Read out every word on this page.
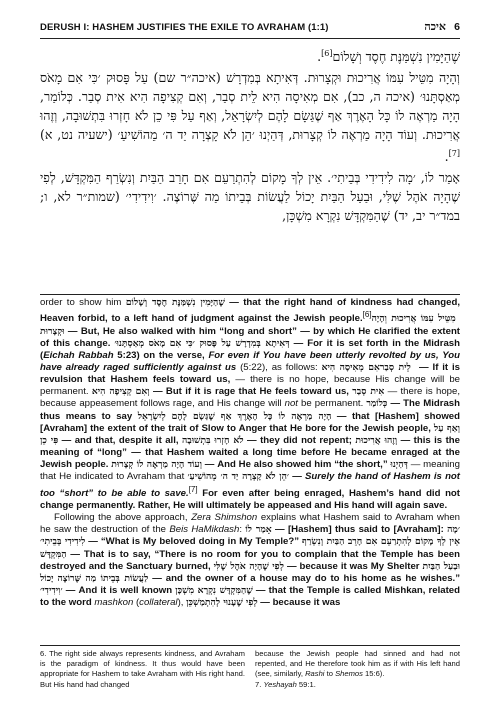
DERUSH I: HASHEM JUSTIFIES THE EXILE TO AVRAHAM (1:1)	איכה 6

שֶׁהַיָּמִין נִשְׁמַּנֶּת חֶסֶד וְשָׁלוֹם[6].

וְהָיָה מִטֵּיל עִמּוֹ אֲרִיכוּת וּקְצָרוּת. דְּאִיתָא בְּמִדְרָשׁ (איכה״ר שם) עַל פָּסוּק ׳כִּי אִם מָאֹס מְאַסְתָּנוּ׳ (איכה ה, כב), אִם מְאִיסָה הִיא לֵית סְבַר, וְאִם קְצִיפָה הִיא אִית סְבַר. כְּלוֹמַר, הָיָה מַרְאֶה לוֹ כָּל הָאֶרֶךְ אַף שֶׁגַּשָׂם לָהֶם לְיִשְׂרָאֵל, וְאַף עַל פִּי כֵן לֹא חָזְרוּ בִּתְשׁוּבָה, וְזֶהוּ אֲרִיכוּת. וְעוֹד הָיָה מַרְאֶה לוֹ קְצָרוּת, דְּהַיְנוּ ׳הֵן לֹא קָצְרָה יַד ה׳ מֵהוֹשִׁיעַ׳ (ישעיה נט, א)[7].

אָמַר לוֹ, ׳מָה לִידִידִי בְּבֵיתִי׳. אֵין לְךָ מָקוֹם לְהִתְרַעֵם אִם חָרֵב הַבַּיִת וְנִשְׂרַף הַמִּקְדָּשׁ, לְפִי שֶׁהָיָה אֹהֶל שֶׁלִּי, וּבַעַל הַבַּיִת יָכוֹל לַעֲשׂוֹת בְּבֵיתוֹ מַה שֶּׁרוֹצֶה. ׳וִידִידִי׳ (שמות״ר לא, ו; במד״ר יב, יד) שֶׁהַמִּקְדָּשׁ נִקְרָא מִשְׁכָּן,

order to show him שֶׁהַיָּמִין נִשְׁמַּנֶּת חֶסֶד וְשָׁלוֹם — that the right hand of kindness had changed, Heaven forbid, to a left hand of judgment against the Jewish people.[6] וְהָיָה מִטֵּיל עִמּוֹ אֲרִיכוּת וּקְצָרוּת — But, He also walked with him “long and short” — by which He clarified the extent of this change. דְּאִיתָא בְּמִדְרָשׁ עַל פָּסוּק ׳כִּי אִם מָאֹס מְאַסְתָּנוּ׳ — For it is set forth in the Midrash (Eichah Rabbah 5:23) on the verse, For even if You have been utterly revolted by us, You have already raged sufficiently against us (5:22), as follows: אִם מְאִיסָה הִיא לֵית סְבַר — If it is revulsion that Hashem feels toward us, — there is no hope, because His change will be permanent. וְאִם קְצִיפָה הִיא — But if it is rage that He feels toward us, אִית סְבַר — there is hope, because appeasement follows rage, and His change will not be permanent. כְּלוֹמַר — The Midrash thus means to say הָיָה מַרְאֶה לוֹ כָּל הָאֶרֶךְ אַף שֶׁגַּשָׂם לָהֶם לְיִשְׂרָאֵל — that [Hashem] showed [Avraham] the extent of the trait of Slow to Anger that He bore for the Jewish people, וְאַף עַל פִּי כֵן — and that, despite it all, לֹא חָזְרוּ בִּתְשׁוּבָה — they did not repent; וְזֶהוּ אֲרִיכוּת — this is the meaning of “long” — that Hashem waited a long time before He became enraged at the Jewish people. וְעוֹד הָיָה מַרְאֶה לוֹ קְצָרוּת — And He also showed him “the short,” דְּהַיְנוּ — meaning that He indicated to Avraham that ׳הֵן לֹא קָצְרָה יַד ה׳ מֵהוֹשִׁיעַ׳ — Surely the hand of Hashem is not too “short” to be able to save.[7] For even after being enraged, Hashem’s hand did not change permanently. Rather, He will ultimately be appeased and His hand will again save.

Following the above approach, Zera Shimshon explains what Hashem said to Avraham when he saw the destruction of the Beis HaMikdash: אָמַר לוֹ — [Hashem] thus said to [Avraham]: ׳מָה לִידִידִי בְּבֵיתִי׳ — “What is My beloved doing in My Temple?” אֵין לְךָ מָקוֹם לְהִתְרַעֵם אִם חָרֵב הַבַּיִת וְנִשְׂרַף הַמִּקְדָּשׁ — That is to say, “There is no room for you to complain that the Temple has been destroyed and the Sanctuary burned, לְפִי שֶׁהָיָה אֹהֶל שֶׁלִּי — because it was My Shelter וּבַעַל הַבַּיִת יָכוֹל לַעֲשׂוֹת בְּבֵיתוֹ מַה שֶּׁרוֹצֶה — and the owner of a house may do to his home as he wishes.” ׳וִידִידִי׳ — And it is well known שֶׁהַמִּקְדָּשׁ נִקְרָא מִשְׁכָּן — that the Temple is called Mishkan, related to the word mashkon (collateral), לְפִי שֶׁעָנוּי לְהִתְמַשְׁכֵּן — because it was

6. The right side always represents kindness, and Avraham is the paradigm of kindness. It thus would have been appropriate for Hashem to take Avraham with His right hand. But His hand had changed

because the Jewish people had sinned and had not repented, and He therefore took him as if with His left hand (see, similarly, Rashi to Shemos 15:6).

7. Yeshayah 59:1.
